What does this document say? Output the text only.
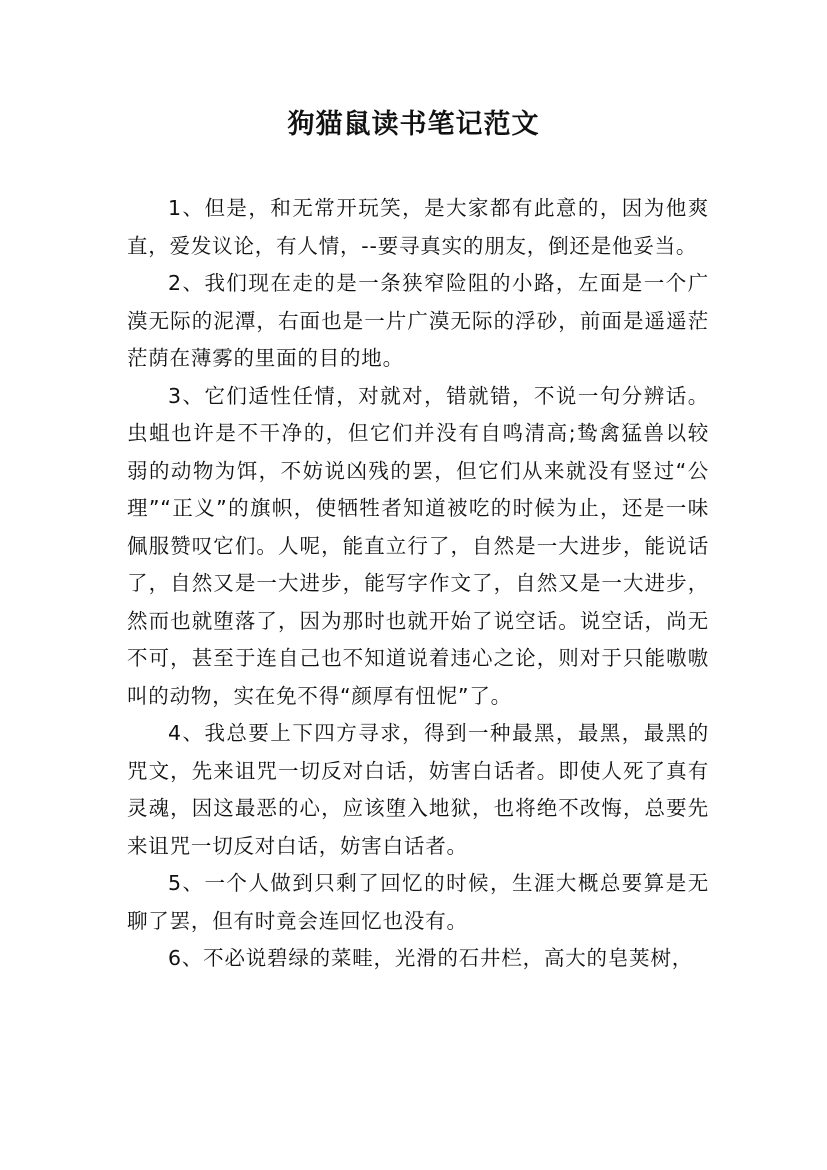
狗猫鼠读书笔记范文

1、但是，和无常开玩笑，是大家都有此意的，因为他爽直，爱发议论，有人情，--要寻真实的朋友，倒还是他妥当。

2、我们现在走的是一条狭窄险阻的小路，左面是一个广漠无际的泥潭，右面也是一片广漠无际的浮砂，前面是遥遥茫茫荫在薄雾的里面的目的地。

3、它们适性任情，对就对，错就错，不说一句分辨话。虫蛆也许是不干净的，但它们并没有自鸣清高;鸷禽猛兽以较弱的动物为饵，不妨说凶残的罢，但它们从来就没有竖过“公理”“正义”的旗帜，使牺牲者知道被吃的时候为止，还是一味佩服赞叹它们。人呢，能直立行了，自然是一大进步，能说话了，自然又是一大进步，能写字作文了，自然又是一大进步，然而也就堕落了，因为那时也就开始了说空话。说空话，尚无不可，甚至于连自己也不知道说着违心之论，则对于只能嗷嗷叫的动物，实在免不得“颜厚有忸怩”了。

4、我总要上下四方寻求，得到一种最黑，最黑，最黑的咒文，先来诅咒一切反对白话，妨害白话者。即使人死了真有灵魂，因这最恶的心，应该堕入地狱，也将绝不改悔，总要先来诅咒一切反对白话，妨害白话者。

5、一个人做到只剩了回忆的时候，生涯大概总要算是无聊了罢，但有时竟会连回忆也没有。

6、不必说碧绿的菜畦，光滑的石井栏，高大的皂荚树，
